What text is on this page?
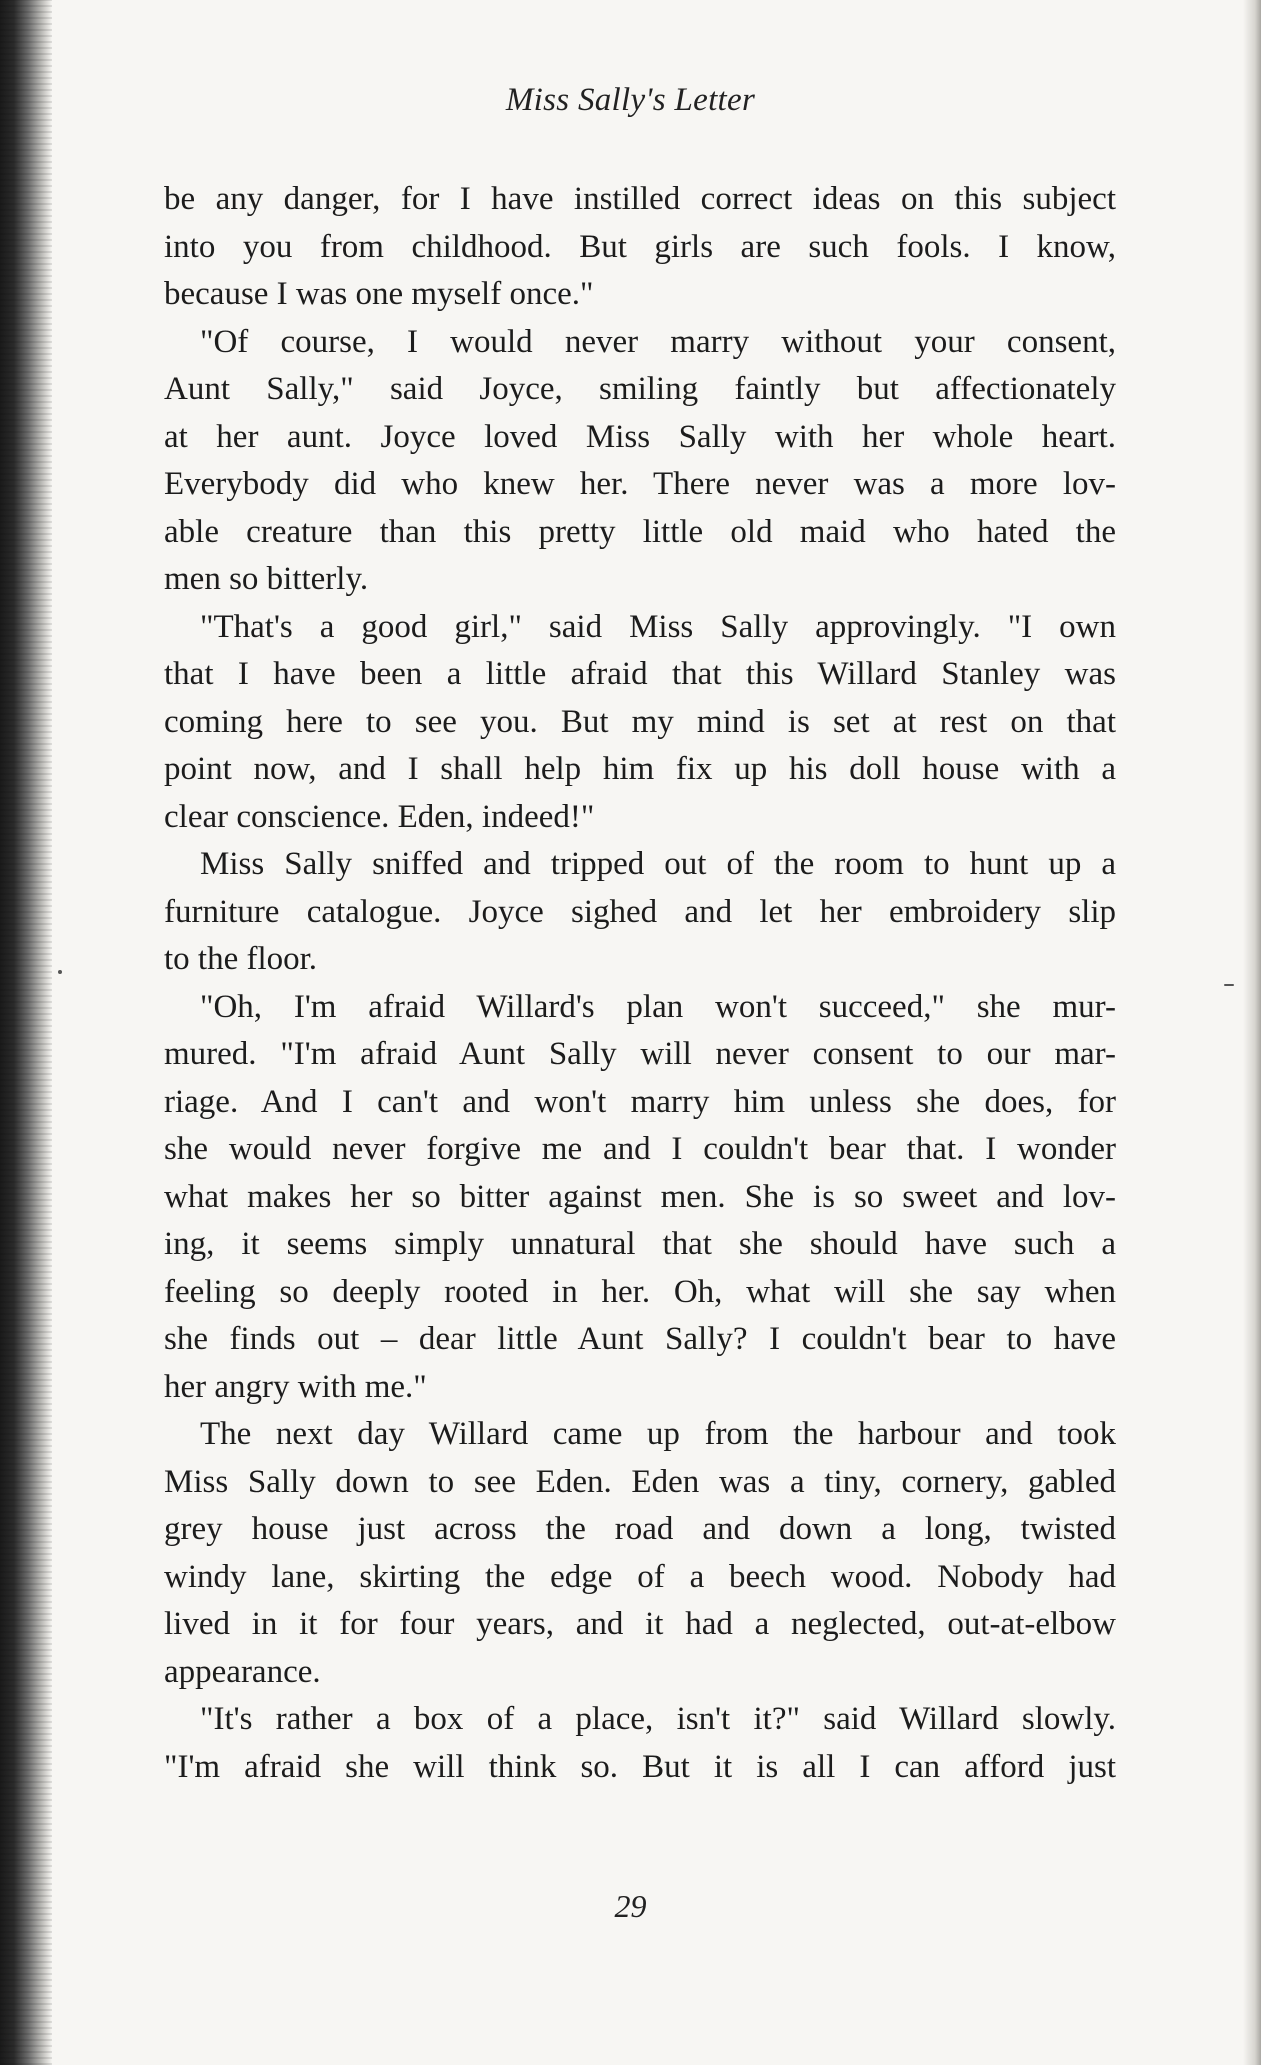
Miss Sally's Letter
be any danger, for I have instilled correct ideas on this subject
into you from childhood. But girls are such fools. I know,
because I was one myself once."
"Of course, I would never marry without your consent,
Aunt Sally," said Joyce, smiling faintly but affectionately
at her aunt. Joyce loved Miss Sally with her whole heart.
Everybody did who knew her. There never was a more lov-
able creature than this pretty little old maid who hated the
men so bitterly.
"That's a good girl," said Miss Sally approvingly. "I own
that I have been a little afraid that this Willard Stanley was
coming here to see you. But my mind is set at rest on that
point now, and I shall help him fix up his doll house with a
clear conscience. Eden, indeed!"
Miss Sally sniffed and tripped out of the room to hunt up a
furniture catalogue. Joyce sighed and let her embroidery slip
to the floor.
"Oh, I'm afraid Willard's plan won't succeed," she mur-
mured. "I'm afraid Aunt Sally will never consent to our mar-
riage. And I can't and won't marry him unless she does, for
she would never forgive me and I couldn't bear that. I wonder
what makes her so bitter against men. She is so sweet and lov-
ing, it seems simply unnatural that she should have such a
feeling so deeply rooted in her. Oh, what will she say when
she finds out – dear little Aunt Sally? I couldn't bear to have
her angry with me."
The next day Willard came up from the harbour and took
Miss Sally down to see Eden. Eden was a tiny, cornery, gabled
grey house just across the road and down a long, twisted
windy lane, skirting the edge of a beech wood. Nobody had
lived in it for four years, and it had a neglected, out-at-elbow
appearance.
"It's rather a box of a place, isn't it?" said Willard slowly.
"I'm afraid she will think so. But it is all I can afford just
29
